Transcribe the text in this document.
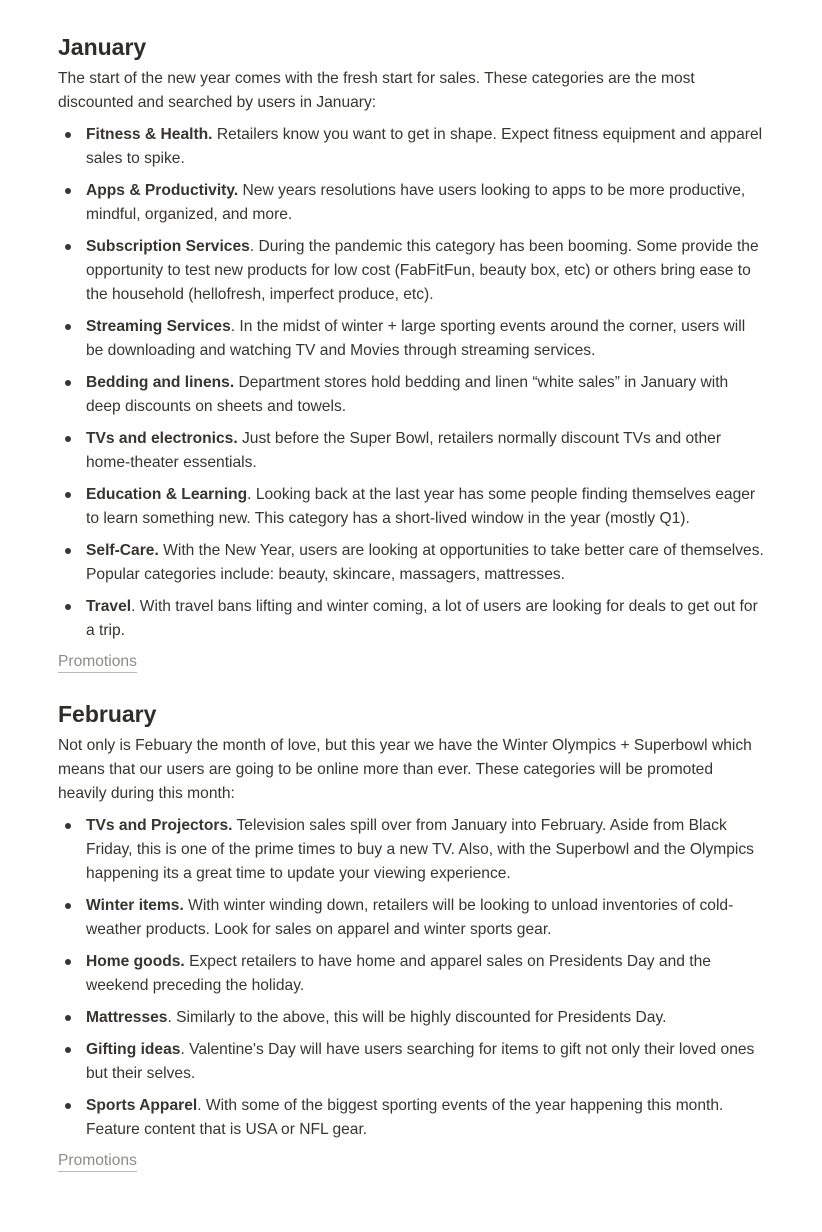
January

The start of the new year comes with the fresh start for sales. These categories are the most discounted and searched by users in January:

Fitness & Health. Retailers know you want to get in shape. Expect fitness equipment and apparel sales to spike.
Apps & Productivity. New years resolutions have users looking to apps to be more productive, mindful, organized, and more.
Subscription Services. During the pandemic this category has been booming. Some provide the opportunity to test new products for low cost (FabFitFun, beauty box, etc) or others bring ease to the household (hellofresh, imperfect produce, etc).
Streaming Services. In the midst of winter + large sporting events around the corner, users will be downloading and watching TV and Movies through streaming services.
Bedding and linens. Department stores hold bedding and linen “white sales” in January with deep discounts on sheets and towels.
TVs and electronics. Just before the Super Bowl, retailers normally discount TVs and other home-theater essentials.
Education & Learning. Looking back at the last year has some people finding themselves eager to learn something new. This category has a short-lived window in the year (mostly Q1).
Self-Care. With the New Year, users are looking at opportunities to take better care of themselves. Popular categories include: beauty, skincare, massagers, mattresses.
Travel. With travel bans lifting and winter coming, a lot of users are looking for deals to get out for a trip.
Promotions
February

Not only is Febuary the month of love, but this year we have the Winter Olympics + Superbowl which means that our users are going to be online more than ever. These categories will be promoted heavily during this month:

TVs and Projectors. Television sales spill over from January into February. Aside from Black Friday, this is one of the prime times to buy a new TV. Also, with the Superbowl and the Olympics happening its a great time to update your viewing experience.
Winter items. With winter winding down, retailers will be looking to unload inventories of cold-weather products. Look for sales on apparel and winter sports gear.
Home goods. Expect retailers to have home and apparel sales on Presidents Day and the weekend preceding the holiday.
Mattresses. Similarly to the above, this will be highly discounted for Presidents Day.
Gifting ideas. Valentine's Day will have users searching for items to gift not only their loved ones but their selves.
Sports Apparel. With some of the biggest sporting events of the year happening this month. Feature content that is USA or NFL gear.
Promotions
